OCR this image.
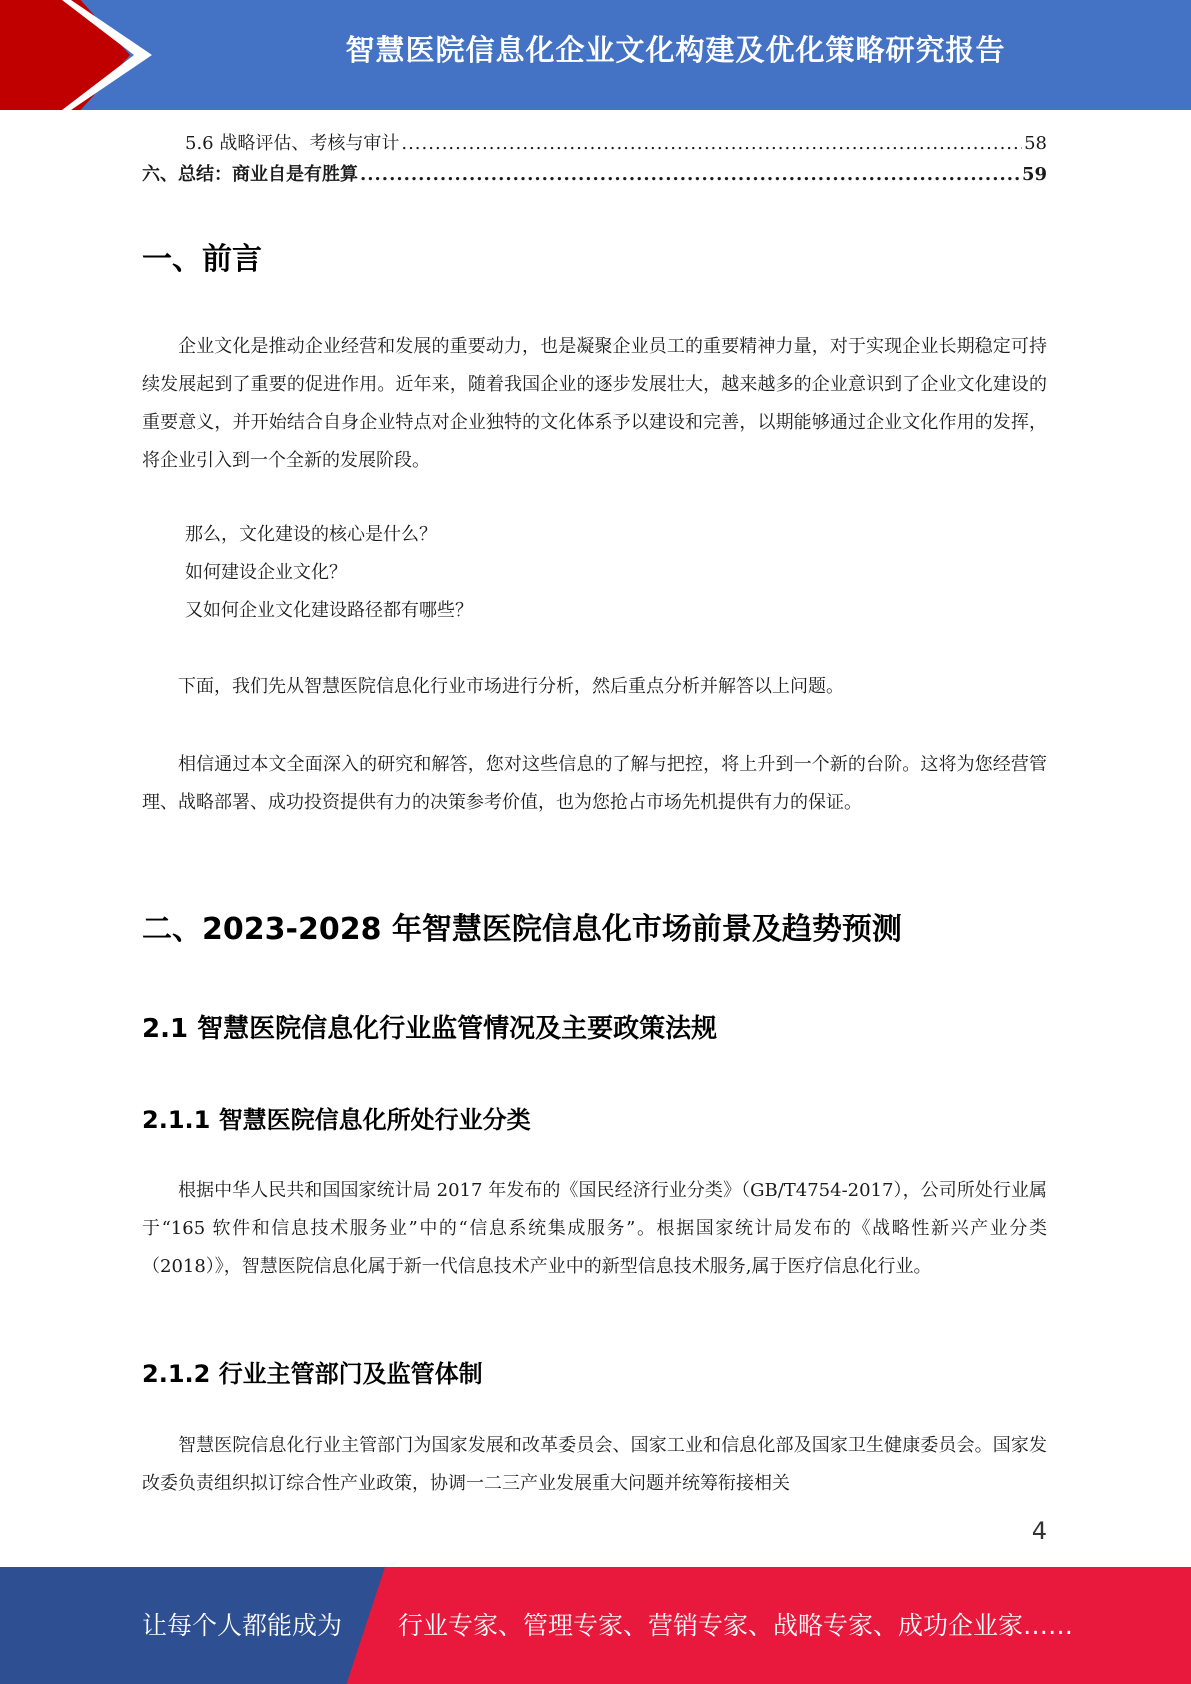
智慧医院信息化企业文化构建及优化策略研究报告
5.6 战略评估、考核与审计 .....	58
六、总结：商业自是有胜算 .....	59
一、前言

企业文化是推动企业经营和发展的重要动力，也是凝聚企业员工的重要精神力量，对于实现企业长期稳定可持续发展起到了重要的促进作用。近年来，随着我国企业的逐步发展壮大，越来越多的企业意识到了企业文化建设的重要意义，并开始结合自身企业特点对企业独特的文化体系予以建设和完善，以期能够通过企业文化作用的发挥，将企业引入到一个全新的发展阶段。

那么，文化建设的核心是什么？

如何建设企业文化？

又如何企业文化建设路径都有哪些？

下面，我们先从智慧医院信息化行业市场进行分析，然后重点分析并解答以上问题。

相信通过本文全面深入的研究和解答，您对这些信息的了解与把控，将上升到一个新的台阶。这将为您经营管理、战略部署、成功投资提供有力的决策参考价值，也为您抢占市场先机提供有力的保证。

二、2023-2028 年智慧医院信息化市场前景及趋势预测
2.1 智慧医院信息化行业监管情况及主要政策法规
2.1.1 智慧医院信息化所处行业分类

根据中华人民共和国国家统计局 2017 年发布的《国民经济行业分类》（GB/T4754-2017），公司所处行业属于“165 软件和信息技术服务业”中的“信息系统集成服务”。根据国家统计局发布的《战略性新兴产业分类（2018）》，智慧医院信息化属于新一代信息技术产业中的新型信息技术服务,属于医疗信息化行业。

2.1.2 行业主管部门及监管体制

智慧医院信息化行业主管部门为国家发展和改革委员会、国家工业和信息化部及国家卫生健康委员会。国家发改委负责组织拟订综合性产业政策，协调一二三产业发展重大问题并统筹衔接相关

4
让每个人都能成为 行业专家、管理专家、营销专家、战略专家、成功企业家……
